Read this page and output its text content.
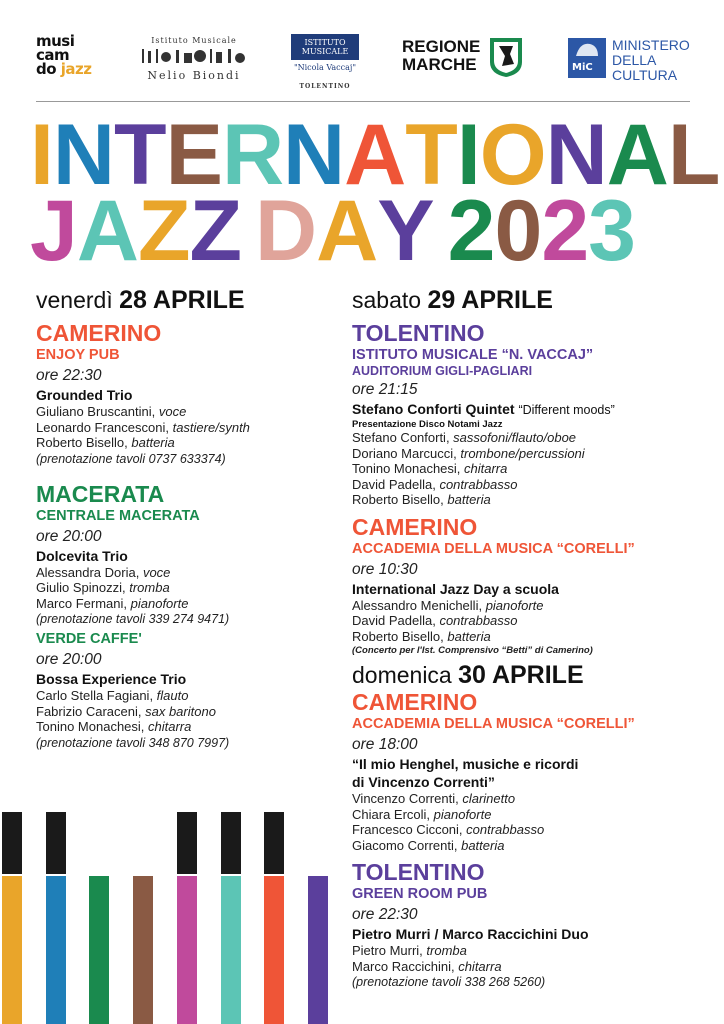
musi
cam
do jazz
Istituto Musicale
Nelio Biondi
ISTITUTO
MUSICALE
"Nicola Vaccaj"
TOLENTINO
REGIONE
MARCHE	MiC
MINISTERO
DELLA
CULTURA
INTERNATIONAL
JAZZ DAY 2023
venerdì 28 APRILE
CAMERINO
ENJOY PUB
ore 22:30
Grounded Trio
Giuliano Bruscantini, voce
Leonardo Francesconi, tastiere/synth
Roberto Bisello, batteria
(prenotazione tavoli 0737 633374)
MACERATA
CENTRALE MACERATA
ore 20:00
Dolcevita Trio
Alessandra Doria, voce
Giulio Spinozzi, tromba
Marco Fermani, pianoforte
(prenotazione tavoli 339 274 9471)
VERDE CAFFE'
ore 20:00
Bossa Experience Trio
Carlo Stella Fagiani, flauto
Fabrizio Caraceni, sax baritono
Tonino Monachesi, chitarra
(prenotazione tavoli 348 870 7997)
sabato 29 APRILE
TOLENTINO
ISTITUTO MUSICALE “N. VACCAJ”
AUDITORIUM GIGLI-PAGLIARI
ore 21:15
Stefano Conforti Quintet “Different moods”
Presentazione Disco Notami Jazz
Stefano Conforti, sassofoni/flauto/oboe
Doriano Marcucci, trombone/percussioni
Tonino Monachesi, chitarra
David Padella, contrabbasso
Roberto Bisello, batteria
CAMERINO
ACCADEMIA DELLA MUSICA “CORELLI”
ore 10:30
International Jazz Day a scuola
Alessandro Menichelli, pianoforte
David Padella, contrabbasso
Roberto Bisello, batteria
(Concerto per l'Ist. Comprensivo “Betti” di Camerino)
domenica 30 APRILE
CAMERINO
ACCADEMIA DELLA MUSICA “CORELLI”
ore 18:00
“Il mio Henghel, musiche e ricordi
di Vincenzo Correnti”
Vincenzo Correnti, clarinetto
Chiara Ercoli, pianoforte
Francesco Cicconi, contrabbasso
Giacomo Correnti, batteria
TOLENTINO
GREEN ROOM PUB
ore 22:30
Pietro Murri / Marco Raccichini Duo
Pietro Murri, tromba
Marco Raccichini, chitarra
(prenotazione tavoli 338 268 5260)
